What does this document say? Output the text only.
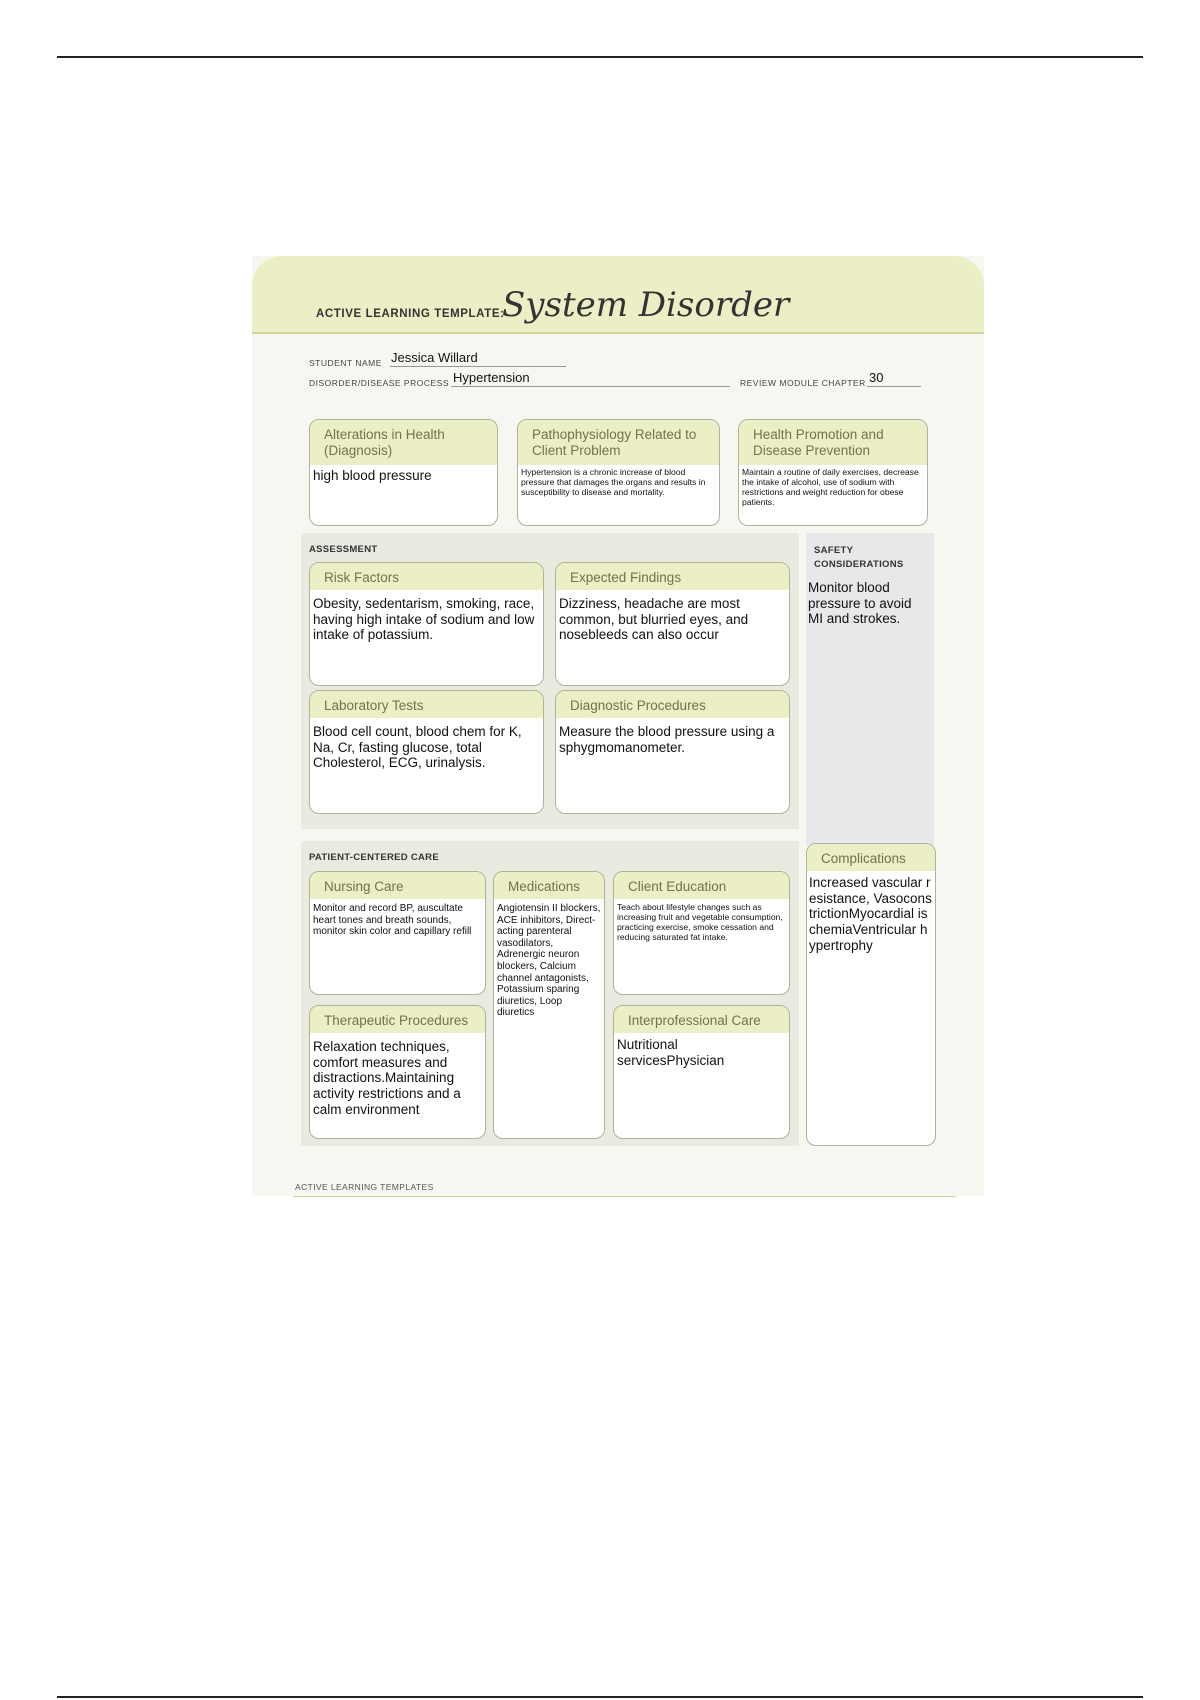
ACTIVE LEARNING TEMPLATE:
System Disorder
STUDENT NAME Jessica Willard
DISORDER/DISEASE PROCESS Hypertension	REVIEW MODULE CHAPTER 30
Alterations in Health (Diagnosis)
high blood pressure
Pathophysiology Related to Client Problem
Hypertension is a chronic increase of blood pressure that damages the organs and results in susceptibility to disease and mortality.
Health Promotion and Disease Prevention
Maintain a routine of daily exercises, decrease the intake of alcohol, use of sodium with restrictions and weight reduction for obese patients.
ASSESSMENT	SAFETY CONSIDERATIONS
Monitor blood pressure to avoid MI and strokes.
Risk Factors
Obesity, sedentarism, smoking, race, having high intake of sodium and low intake of potassium.
Expected Findings
Dizziness, headache are most common, but blurried eyes, and nosebleeds can also occur
Laboratory Tests
Blood cell count, blood chem for K, Na, Cr, fasting glucose, total Cholesterol, ECG, urinalysis.
Diagnostic Procedures
Measure the blood pressure using a sphygmomanometer.
PATIENT-CENTERED CARE
Nursing Care
Monitor and record BP, auscultate heart tones and breath sounds, monitor skin color and capillary refill
Medications
Angiotensin II blockers, ACE inhibitors, Direct-acting parenteral vasodilators, Adrenergic neuron blockers, Calcium channel antagonists, Potassium sparing diuretics, Loop diuretics
Client Education
Teach about lifestyle changes such as increasing fruit and vegetable consumption, practicing exercise, smoke cessation and reducing saturated fat intake.
Therapeutic Procedures
Relaxation techniques, comfort measures and distractions.Maintaining activity restrictions and a calm environment
Interprofessional Care
Nutritional servicesPhysician
Complications
Increased vascular resistance, VasoconstrictionMyocardial ischemiaVentricular hypertrophy
ACTIVE LEARNING TEMPLATES
